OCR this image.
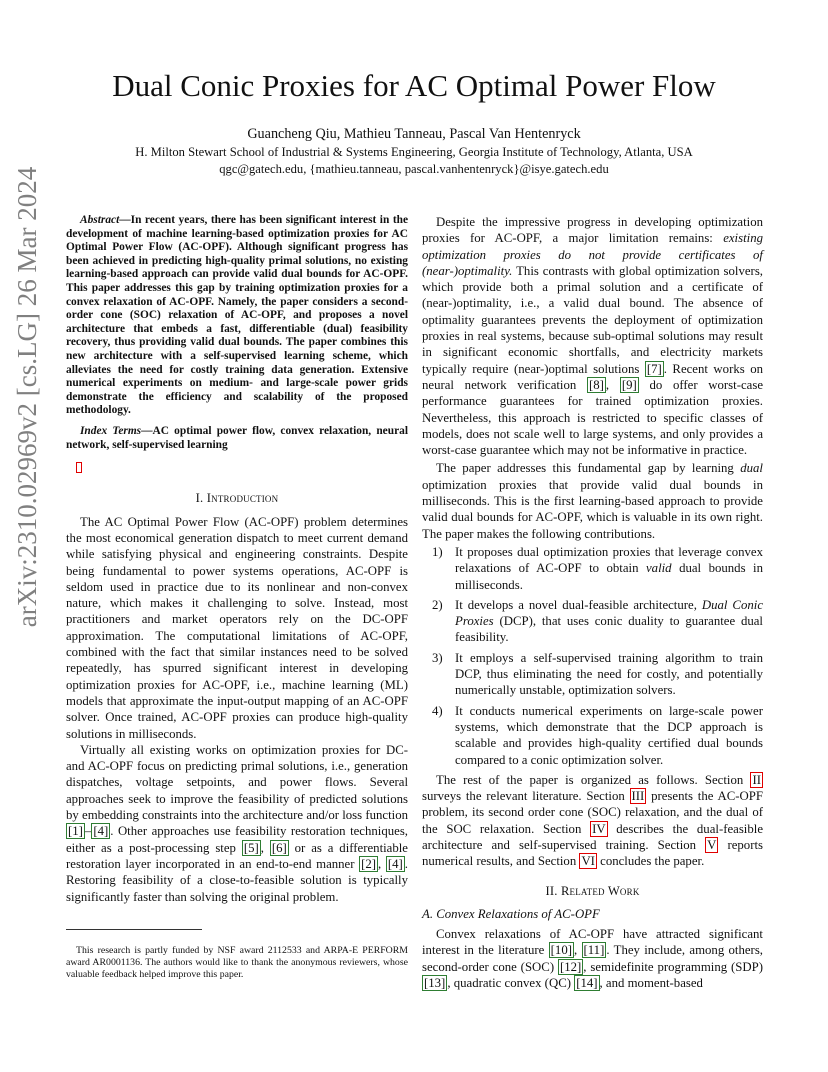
arXiv:2310.02969v2 [cs.LG] 26 Mar 2024
Dual Conic Proxies for AC Optimal Power Flow

Guancheng Qiu, Mathieu Tanneau, Pascal Van Hentenryck

H. Milton Stewart School of Industrial & Systems Engineering, Georgia Institute of Technology, Atlanta, USA

qgc@gatech.edu, {mathieu.tanneau, pascal.vanhentenryck}@isye.gatech.edu

Abstract—In recent years, there has been significant interest in the development of machine learning-based optimization proxies for AC Optimal Power Flow (AC-OPF). Although significant progress has been achieved in predicting high-quality primal solutions, no existing learning-based approach can provide valid dual bounds for AC-OPF. This paper addresses this gap by training optimization proxies for a convex relaxation of AC-OPF. Namely, the paper considers a second-order cone (SOC) relaxation of AC-OPF, and proposes a novel architecture that embeds a fast, differentiable (dual) feasibility recovery, thus providing valid dual bounds. The paper combines this new architecture with a self-supervised learning scheme, which alleviates the need for costly training data generation. Extensive numerical experiments on medium- and large-scale power grids demonstrate the efficiency and scalability of the proposed methodology.

Index Terms—AC optimal power flow, convex relaxation, neural network, self-supervised learning

I. Introduction

The AC Optimal Power Flow (AC-OPF) problem determines the most economical generation dispatch to meet current demand while satisfying physical and engineering constraints. Despite being fundamental to power systems operations, AC-OPF is seldom used in practice due to its nonlinear and non-convex nature, which makes it challenging to solve. Instead, most practitioners and market operators rely on the DC-OPF approximation. The computational limitations of AC-OPF, combined with the fact that similar instances need to be solved repeatedly, has spurred significant interest in developing optimization proxies for AC-OPF, i.e., machine learning (ML) models that approximate the input-output mapping of an AC-OPF solver. Once trained, AC-OPF proxies can produce high-quality solutions in milliseconds.

Virtually all existing works on optimization proxies for DC- and AC-OPF focus on predicting primal solutions, i.e., generation dispatches, voltage setpoints, and power flows. Several approaches seek to improve the feasibility of predicted solutions by embedding constraints into the architecture and/or loss function [1] – [4] . Other approaches use feasibility restoration techniques, either as a post-processing step [5] , [6] or as a differentiable restoration layer incorporated in an end-to-end manner [2] , [4] . Restoring feasibility of a close-to-feasible solution is typically significantly faster than solving the original problem.

This research is partly funded by NSF award 2112533 and ARPA-E PERFORM award AR0001136. The authors would like to thank the anonymous reviewers, whose valuable feedback helped improve this paper.

Despite the impressive progress in developing optimization proxies for AC-OPF, a major limitation remains: existing optimization proxies do not provide certificates of (near-)optimality. This contrasts with global optimization solvers, which provide both a primal solution and a certificate of (near-)optimality, i.e., a valid dual bound. The absence of optimality guarantees prevents the deployment of optimization proxies in real systems, because sub-optimal solutions may result in significant economic shortfalls, and electricity markets typically require (near-)optimal solutions [7] . Recent works on neural network verification [8] , [9] do offer worst-case performance guarantees for trained optimization proxies. Nevertheless, this approach is restricted to specific classes of models, does not scale well to large systems, and only provides a worst-case guarantee which may not be informative in practice.

The paper addresses this fundamental gap by learning dual optimization proxies that provide valid dual bounds in milliseconds. This is the first learning-based approach to provide valid dual bounds for AC-OPF, which is valuable in its own right. The paper makes the following contributions.

1) It proposes dual optimization proxies that leverage convex relaxations of AC-OPF to obtain valid dual bounds in milliseconds.
2) It develops a novel dual-feasible architecture, Dual Conic Proxies (DCP), that uses conic duality to guarantee dual feasibility.
3) It employs a self-supervised training algorithm to train DCP, thus eliminating the need for costly, and potentially numerically unstable, optimization solvers.
4) It conducts numerical experiments on large-scale power systems, which demonstrate that the DCP approach is scalable and provides high-quality certified dual bounds compared to a conic optimization solver.

The rest of the paper is organized as follows. Section II surveys the relevant literature. Section III presents the AC-OPF problem, its second order cone (SOC) relaxation, and the dual of the SOC relaxation. Section IV describes the dual-feasible architecture and self-supervised training. Section V reports numerical results, and Section VI concludes the paper.

II. Related Work

A. Convex Relaxations of AC-OPF

Convex relaxations of AC-OPF have attracted significant interest in the literature [10] , [11] . They include, among others, second-order cone (SOC) [12] , semidefinite programming (SDP) [13] , quadratic convex (QC) [14] , and moment-based
